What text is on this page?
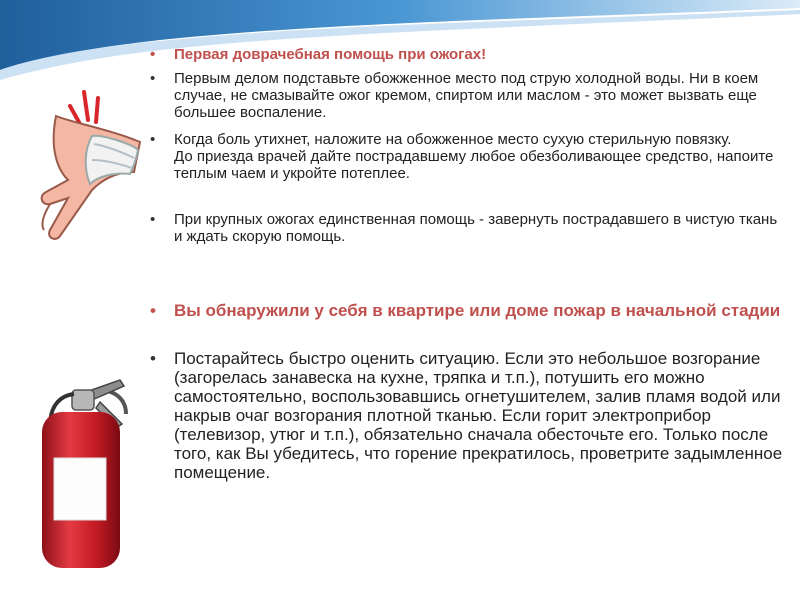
• Первая доврачебная помощь при ожогах!
• Первым делом подставьте обожженное место под струю холодной воды. Ни в коем случае, не смазывайте ожог кремом, спиртом или маслом - это может вызвать еще большее воспаление.
• Когда боль утихнет, наложите на обожженное место сухую стерильную повязку.
До приезда врачей дайте пострадавшему любое обезболивающее средство, напоите теплым чаем и укройте потеплее.
• При крупных ожогах единственная помощь - завернуть пострадавшего в чистую ткань и ждать скорую помощь.
• Вы обнаружили у себя в квартире или доме пожар в начальной стадии
• Постарайтесь быстро оценить ситуацию. Если это небольшое возгорание (загорелась занавеска на кухне, тряпка и т.п.), потушить его можно самостоятельно, воспользовавшись огнетушителем, залив пламя водой или накрыв очаг возгорания плотной тканью. Если горит электроприбор (телевизор, утюг и т.п.), обязательно сначала обесточьте его. Только после того, как Вы убедитесь, что горение прекратилось, проветрите задымленное помещение.
